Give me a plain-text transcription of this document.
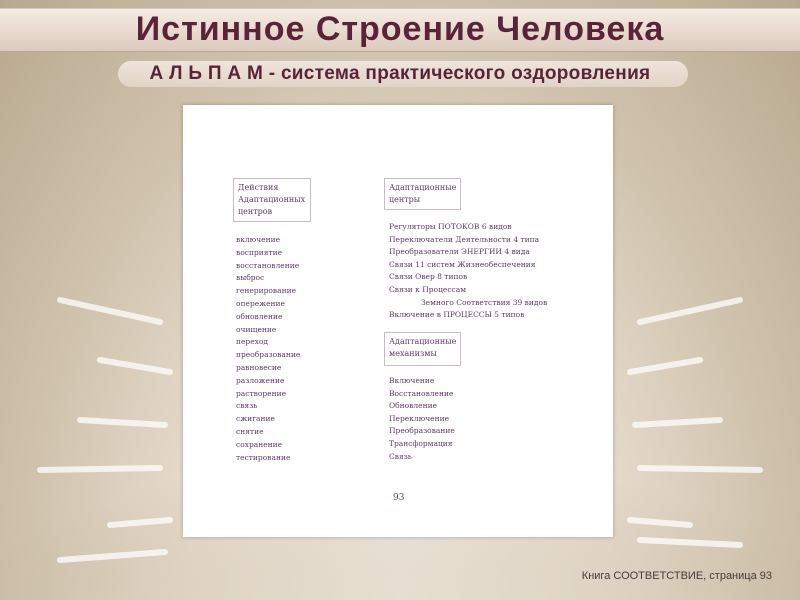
Истинное Строение Человека
А Л Ь П А М - система практического оздоровления
Действия
Адаптационных
центров
включение
восприятие
восстановление
выброс
генерирование
опережение
обновление
очищение
переход
преобразование
равновесие
разложение
растворение
связь
сжигание
снятие
сохранение
тестирование
Адаптационные
центры
Регуляторы ПОТОКОВ 6 видов
Переключатели Деятельности 4 типа
Преобразователи ЭНЕРГИИ 4 вида
Связи 11 систем Жизнеобеспечения
Связи Овер 8 типов
Связи к Процессам
Земного Соответствия 39 видов
Включение в ПРОЦЕССЫ 5 типов
Адаптационные
механизмы
Включение
Восстановление
Обновление
Переключение
Преобразование
Трансформация
Связь
93
Книга СООТВЕТСТВИЕ, страница 93
